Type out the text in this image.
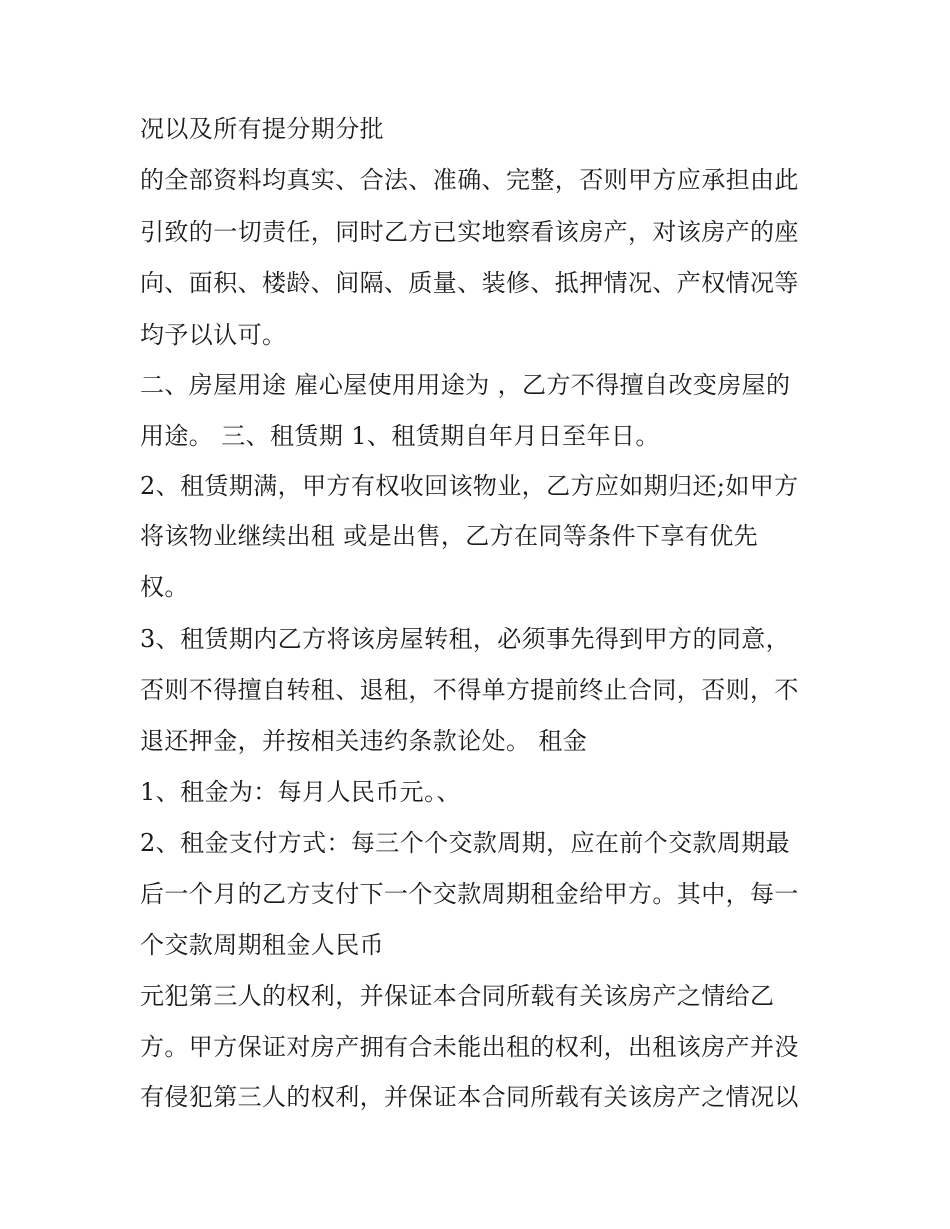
况以及所有提分期分批
的全部资料均真实、合法、准确、完整，否则甲方应承担由此
引致的一切责任，同时乙方已实地察看该房产，对该房产的座
向、面积、楼龄、间隔、质量、装修、抵押情况、产权情况等
均予以认可。
二、房屋用途 雇心屋使用用途为 ，乙方不得擅自改变房屋的
用途。 三、租赁期 1、租赁期自年月日至年日。
2、租赁期满，甲方有权收回该物业，乙方应如期归还;如甲方
将该物业继续出租 或是出售，乙方在同等条件下享有优先
权。
3、租赁期内乙方将该房屋转租，必须事先得到甲方的同意，
否则不得擅自转租、退租，不得单方提前终止合同，否则，不
退还押金，并按相关违约条款论处。 租金
1、租金为：每月人民币元。、
2、租金支付方式：每三个个交款周期，应在前个交款周期最
后一个月的乙方支付下一个交款周期租金给甲方。其中，每一
个交款周期租金人民币
元犯第三人的权利，并保证本合同所载有关该房产之情给乙
方。甲方保证对房产拥有合未能出租的权利，出租该房产并没
有侵犯第三人的权利，并保证本合同所载有关该房产之情况以
